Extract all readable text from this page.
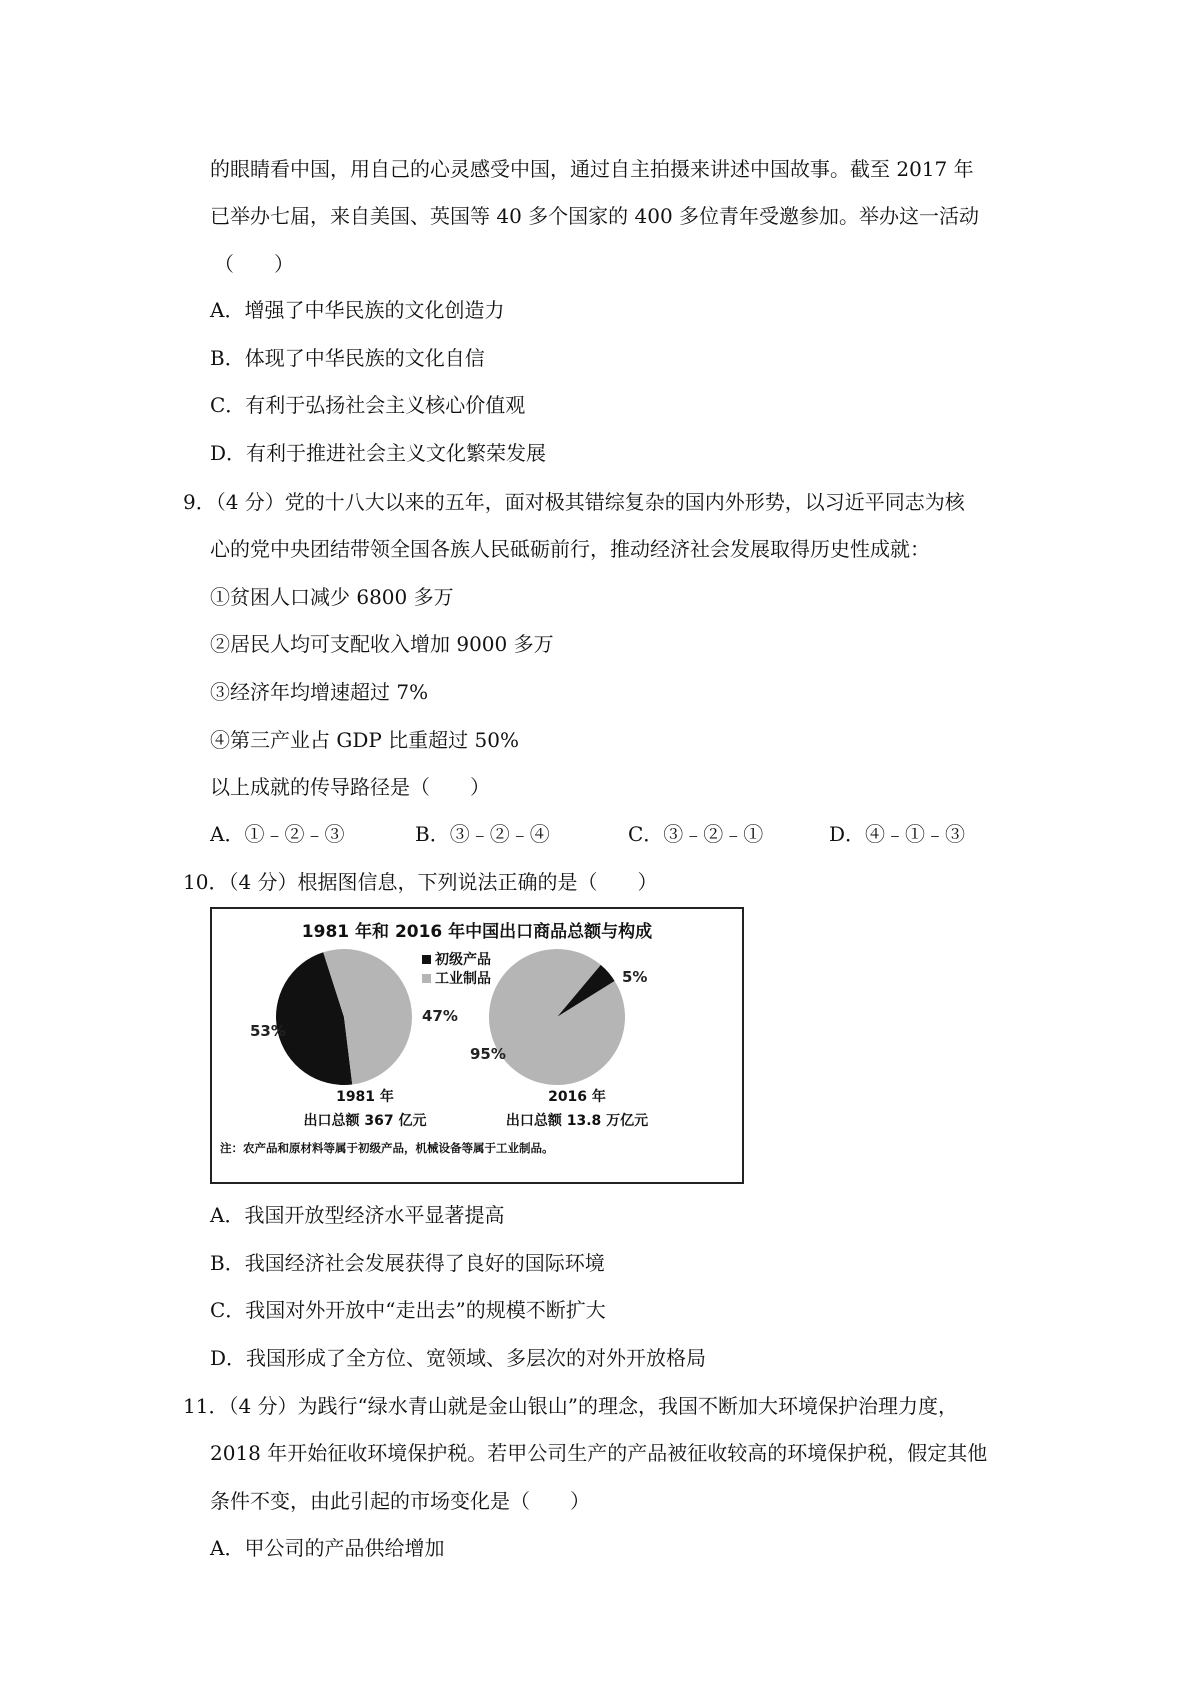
的眼睛看中国，用自己的心灵感受中国，通过自主拍摄来讲述中国故事。截至 2017 年
已举办七届，来自美国、英国等 40 多个国家的 400 多位青年受邀参加。举办这一活动
（　　）
A．增强了中华民族的文化创造力
B．体现了中华民族的文化自信
C．有利于弘扬社会主义核心价值观
D．有利于推进社会主义文化繁荣发展
9．（4 分）党的十八大以来的五年，面对极其错综复杂的国内外形势，以习近平同志为核
心的党中央团结带领全国各族人民砥砺前行，推动经济社会发展取得历史性成就：
①贫困人口减少 6800 多万
②居民人均可支配收入增加 9000 多万
③经济年均增速超过 7%
④第三产业占 GDP 比重超过 50%
以上成就的传导路径是（　　）
A．①﹣②﹣③	B．③﹣②﹣④	C．③﹣②﹣①	D．④﹣①﹣③
10．（4 分）根据图信息，下列说法正确的是（　　）
1981 年和 2016 年中国出口商品总额与构成
初级产品
工业制品
53%
47%
5%
95%
1981 年
出口总额 367 亿元
2016 年
出口总额 13.8 万亿元
注：农产品和原材料等属于初级产品，机械设备等属于工业制品。
A．我国开放型经济水平显著提高
B．我国经济社会发展获得了良好的国际环境
C．我国对外开放中“走出去”的规模不断扩大
D．我国形成了全方位、宽领域、多层次的对外开放格局
11．（4 分）为践行“绿水青山就是金山银山”的理念，我国不断加大环境保护治理力度，
2018 年开始征收环境保护税。若甲公司生产的产品被征收较高的环境保护税，假定其他
条件不变，由此引起的市场变化是（　　）
A．甲公司的产品供给增加
